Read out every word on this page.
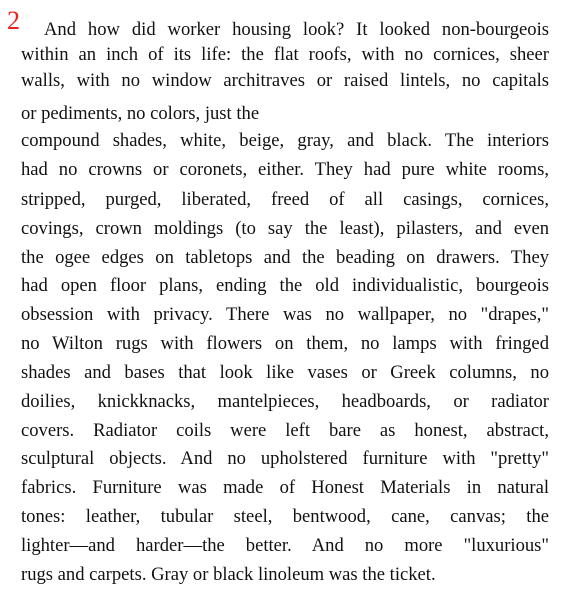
2 And how did worker housing look? It looked non-bourgeois
within an inch of its life: the flat roofs, with no cornices, sheer
walls, with no window architraves or raised lintels, no capitals
or pediments, no colors, just the
compound shades, white, beige, gray, and black. The interiors
had no crowns or coronets, either. They had pure white rooms,
stripped, purged, liberated, freed of all casings, cornices,
covings, crown moldings (to say the least), pilasters, and even
the ogee edges on tabletops and the beading on drawers. They
had open floor plans, ending the old individualistic, bourgeois
obsession with privacy. There was no wallpaper, no "drapes,"
no Wilton rugs with flowers on them, no lamps with fringed
shades and bases that look like vases or Greek columns, no
doilies, knickknacks, mantelpieces, headboards, or radiator
covers. Radiator coils were left bare as honest, abstract,
sculptural objects. And no upholstered furniture with "pretty"
fabrics. Furniture was made of Honest Materials in natural
tones: leather, tubular steel, bentwood, cane, canvas; the
lighter—and harder—the better. And no more "luxurious"
rugs and carpets. Gray or black linoleum was the ticket.
